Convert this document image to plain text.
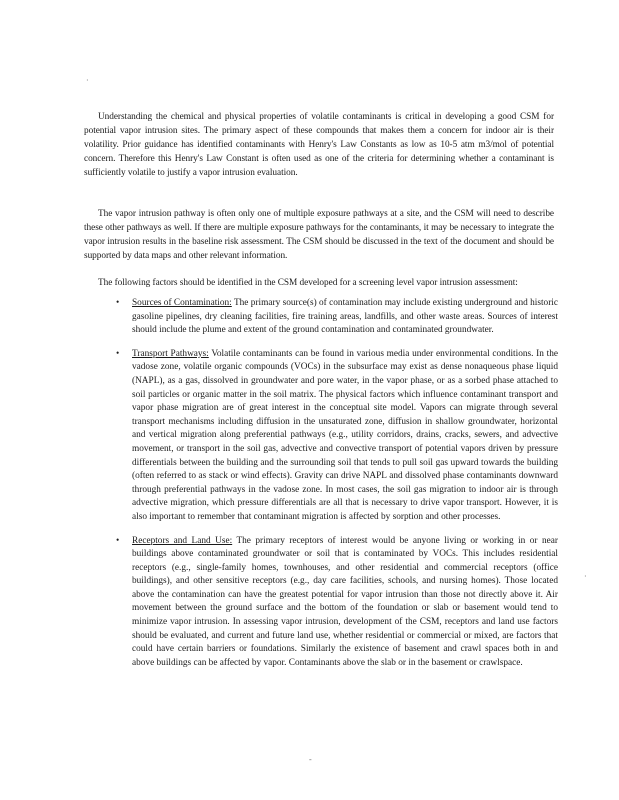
·

Understanding the chemical and physical properties of volatile contaminants is critical in developing a good CSM for potential vapor intrusion sites. The primary aspect of these compounds that makes them a concern for indoor air is their volatility. Prior guidance has identified contaminants with Henry's Law Constants as low as 10-5 atm m3/mol of potential concern. Therefore this Henry's Law Constant is often used as one of the criteria for determining whether a contaminant is sufficiently volatile to justify a vapor intrusion evaluation.

The vapor intrusion pathway is often only one of multiple exposure pathways at a site, and the CSM will need to describe these other pathways as well. If there are multiple exposure pathways for the contaminants, it may be necessary to integrate the vapor intrusion results in the baseline risk assessment. The CSM should be discussed in the text of the document and should be supported by data maps and other relevant information.

The following factors should be identified in the CSM developed for a screening level vapor intrusion assessment:

• Sources of Contamination: The primary source(s) of contamination may include existing underground and historic gasoline pipelines, dry cleaning facilities, fire training areas, landfills, and other waste areas. Sources of interest should include the plume and extent of the ground contamination and contaminated groundwater.
• Transport Pathways: Volatile contaminants can be found in various media under environmental conditions. In the vadose zone, volatile organic compounds (VOCs) in the subsurface may exist as dense nonaqueous phase liquid (NAPL), as a gas, dissolved in groundwater and pore water, in the vapor phase, or as a sorbed phase attached to soil particles or organic matter in the soil matrix. The physical factors which influence contaminant transport and vapor phase migration are of great interest in the conceptual site model. Vapors can migrate through several transport mechanisms including diffusion in the unsaturated zone, diffusion in shallow groundwater, horizontal and vertical migration along preferential pathways (e.g., utility corridors, drains, cracks, sewers, and advective movement, or transport in the soil gas, advective and convective transport of potential vapors driven by pressure differentials between the building and the surrounding soil that tends to pull soil gas upward towards the building (often referred to as stack or wind effects). Gravity can drive NAPL and dissolved phase contaminants downward through preferential pathways in the vadose zone. In most cases, the soil gas migration to indoor air is through advective migration, which pressure differentials are all that is necessary to drive vapor transport. However, it is also important to remember that contaminant migration is affected by sorption and other processes.
• Receptors and Land Use: The primary receptors of interest would be anyone living or working in or near buildings above contaminated groundwater or soil that is contaminated by VOCs. This includes residential receptors (e.g., single-family homes, townhouses, and other residential and commercial receptors (office buildings), and other sensitive receptors (e.g., day care facilities, schools, and nursing homes). Those located above the contamination can have the greatest potential for vapor intrusion than those not directly above it. Air movement between the ground surface and the bottom of the foundation or slab or basement would tend to minimize vapor intrusion. In assessing vapor intrusion, development of the CSM, receptors and land use factors should be evaluated, and current and future land use, whether residential or commercial or mixed, are factors that could have certain barriers or foundations. Similarly the existence of basement and crawl spaces both in and above buildings can be affected by vapor. Contaminants above the slab or in the basement or crawlspace.
·
-
